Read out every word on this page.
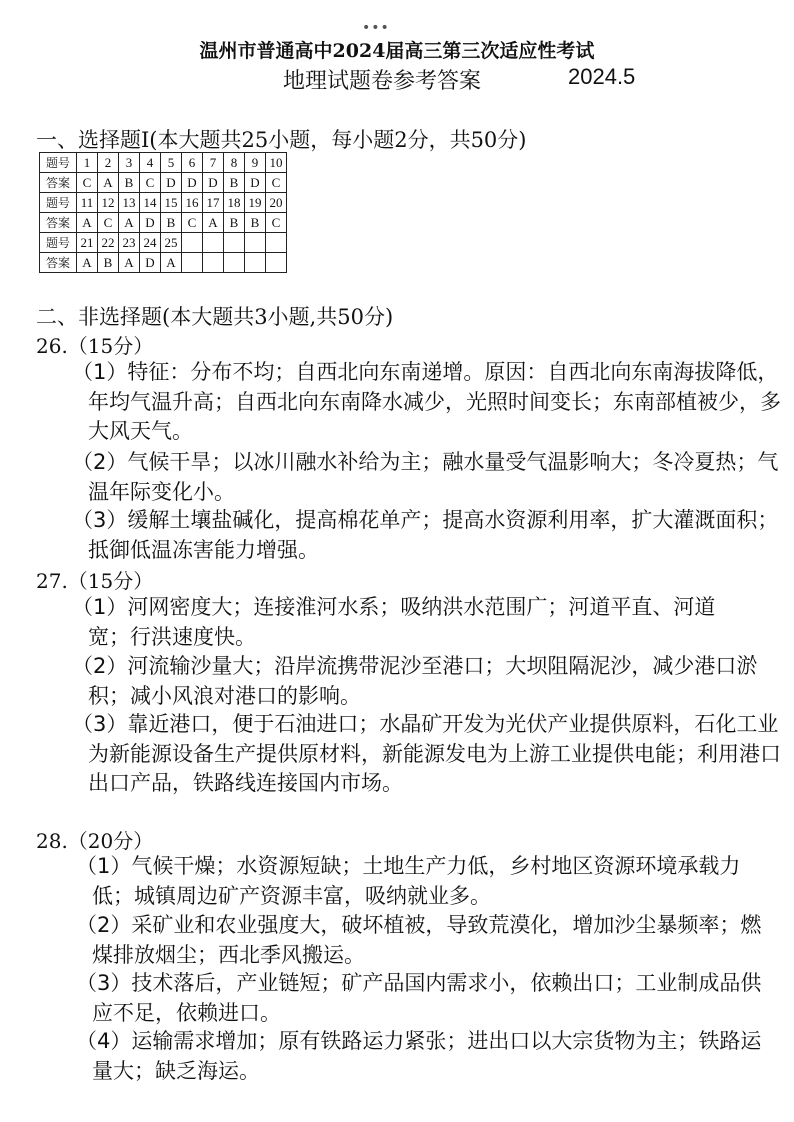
•••
温州市普通高中2024届高三第三次适应性考试
地理试题卷参考答案	2024.5
一、选择题I(本大题共25小题，每小题2分，共50分)
题号	1	2	3	4	5	6	7	8	9	10
答案	C	A	B	C	D	D	D	B	D	C
题号	11	12	13	14	15	16	17	18	19	20
答案	A	C	A	D	B	C	A	B	B	C
题号	21	22	23	24	25					
答案	A	B	A	D	A					
二、非选择题(本大题共3小题,共50分)
26.（15分）
（1）特征：分布不均；自西北向东南递增。原因：自西北向东南海拔降低，年均气温升高；自西北向东南降水减少，光照时间变长；东南部植被少，多大风天气。
（2）气候干旱；以冰川融水补给为主；融水量受气温影响大；冬冷夏热；气温年际变化小。
（3）缓解土壤盐碱化，提高棉花单产；提高水资源利用率，扩大灌溉面积；抵御低温冻害能力增强。
27.（15分）
（1）河网密度大；连接淮河水系；吸纳洪水范围广；河道平直、河道宽；行洪速度快。
（2）河流输沙量大；沿岸流携带泥沙至港口；大坝阻隔泥沙，减少港口淤积；减小风浪对港口的影响。
（3）靠近港口，便于石油进口；水晶矿开发为光伏产业提供原料，石化工业为新能源设备生产提供原材料，新能源发电为上游工业提供电能；利用港口出口产品，铁路线连接国内市场。
28.（20分）
（1）气候干燥；水资源短缺；土地生产力低，乡村地区资源环境承载力低；城镇周边矿产资源丰富，吸纳就业多。
（2）采矿业和农业强度大，破坏植被，导致荒漠化，增加沙尘暴频率；燃煤排放烟尘；西北季风搬运。
（3）技术落后，产业链短；矿产品国内需求小，依赖出口；工业制成品供应不足，依赖进口。
（4）运输需求增加；原有铁路运力紧张；进出口以大宗货物为主；铁路运量大；缺乏海运。
